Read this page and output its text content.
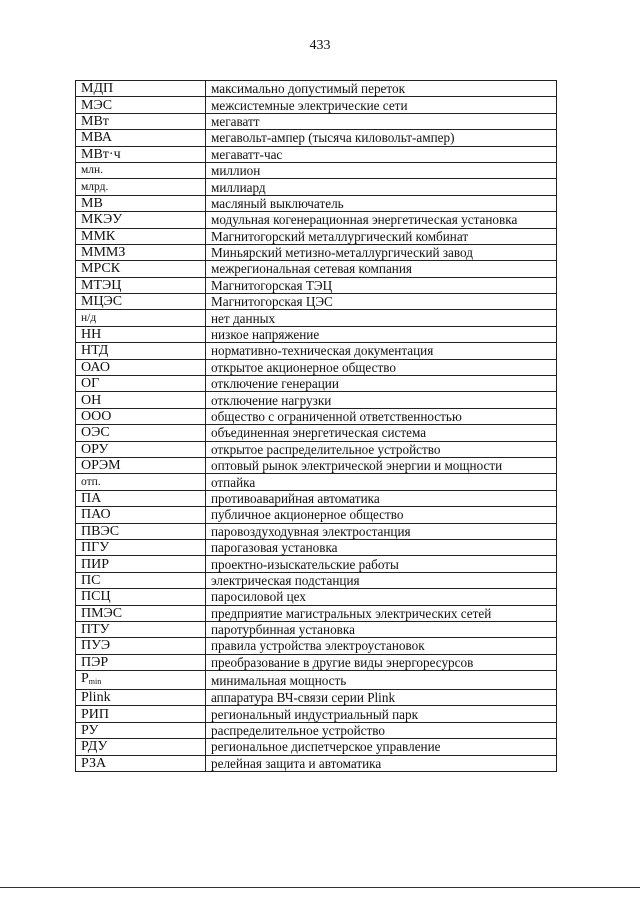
433
МДП	максимально допустимый переток
МЭС	межсистемные электрические сети
МВт	мегаватт
МВА	мегавольт-ампер (тысяча киловольт-ампер)
МВт·ч	мегаватт-час
млн.	миллион
млрд.	миллиард
МВ	масляный выключатель
МКЭУ	модульная когенерационная энергетическая установка
ММК	Магнитогорский металлургический комбинат
МММЗ	Миньярский метизно-металлургический завод
МРСК	межрегиональная сетевая компания
МТЭЦ	Магнитогорская ТЭЦ
МЦЭС	Магнитогорская ЦЭС
н/д	нет данных
НН	низкое напряжение
НТД	нормативно-техническая документация
ОАО	открытое акционерное общество
ОГ	отключение генерации
ОН	отключение нагрузки
ООО	общество с ограниченной ответственностью
ОЭС	объединенная энергетическая система
ОРУ	открытое распределительное устройство
ОРЭМ	оптовый рынок электрической энергии и мощности
отп.	отпайка
ПА	противоаварийная автоматика
ПАО	публичное акционерное общество
ПВЭС	паровоздуходувная электростанция
ПГУ	парогазовая установка
ПИР	проектно-изыскательские работы
ПС	электрическая подстанция
ПСЦ	паросиловой цех
ПМЭС	предприятие магистральных электрических сетей
ПТУ	паротурбинная установка
ПУЭ	правила устройства электроустановок
ПЭР	преобразование в другие виды энергоресурсов
$P_{min}$	минимальная мощность
Plink	аппаратура ВЧ-связи серии Plink
РИП	региональный индустриальный парк
РУ	распределительное устройство
РДУ	региональное диспетчерское управление
РЗА	релейная защита и автоматика
